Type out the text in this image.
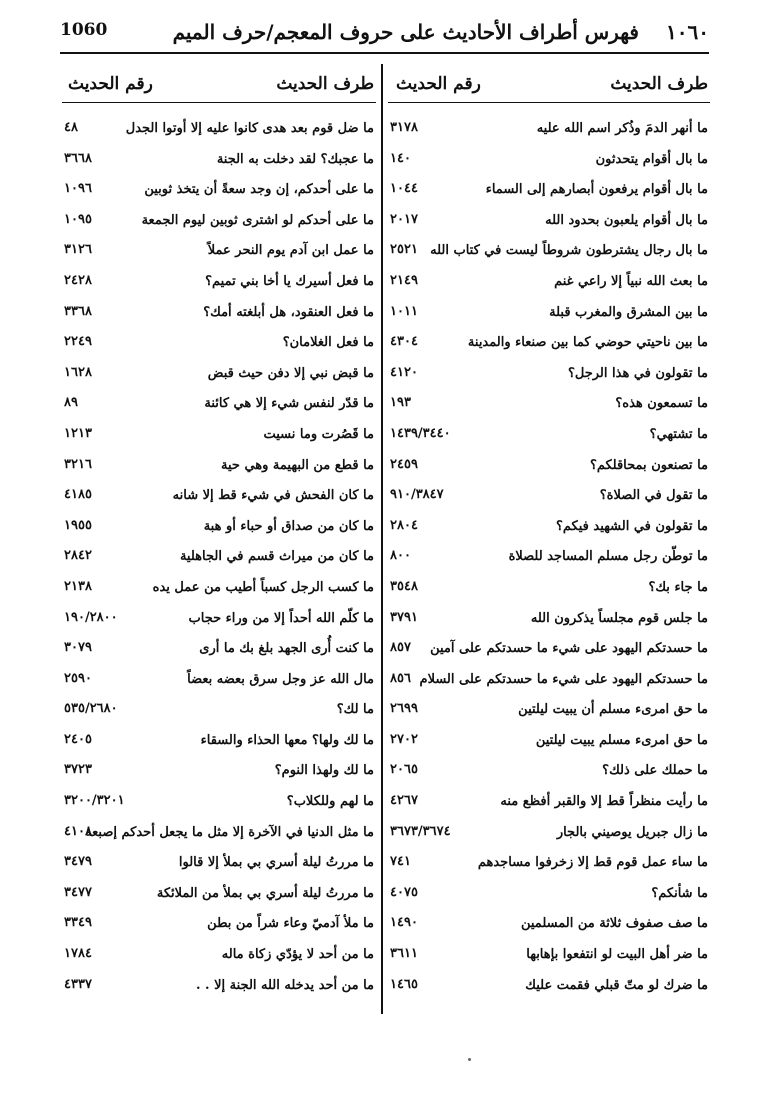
١٠٦٠
فهرس أطراف الأحاديث على حروف المعجم/حرف الميم
1060
طرف الحديث
رقم الحديث
ما أنهر الدمَ وذُكر اسم الله عليه
٣١٧٨
ما بال أقوام يتحدثون
١٤٠
ما بال أقوام يرفعون أبصارهم إلى السماء
١٠٤٤
ما بال أقوام يلعبون بحدود الله
٢٠١٧
ما بال رجال يشترطون شروطاً ليست في كتاب الله
٢٥٢١
ما بعث الله نبياً إلا راعي غنم
٢١٤٩
ما بين المشرق والمغرب قبلة
١٠١١
ما بين ناحيتي حوضي كما بين صنعاء والمدينة
٤٣٠٤
ما تقولون في هذا الرجل؟
٤١٢٠
ما تسمعون هذه؟
١٩٣
ما تشتهي؟
١٤٣٩/٣٤٤٠
ما تصنعون بمحاقلكم؟
٢٤٥٩
ما تقول في الصلاة؟
٩١٠/٣٨٤٧
ما تقولون في الشهيد فيكم؟
٢٨٠٤
ما توطّن رجل مسلم المساجد للصلاة
٨٠٠
ما جاء بك؟
٣٥٤٨
ما جلس قوم مجلساً يذكرون الله
٣٧٩١
ما حسدتكم اليهود على شيء ما حسدتكم على آمين
٨٥٧
ما حسدتكم اليهود على شيء ما حسدتكم على السلام
٨٥٦
ما حق امرىء مسلم أن يبيت ليلتين
٢٦٩٩
ما حق امرىء مسلم يبيت ليلتين
٢٧٠٢
ما حملك على ذلك؟
٢٠٦٥
ما رأيت منظراً قط إلا والقبر أفظع منه
٤٢٦٧
ما زال جبريل يوصيني بالجار
٣٦٧٣/٣٦٧٤
ما ساء عمل قوم قط إلا زخرفوا مساجدهم
٧٤١
ما شأنكم؟
٤٠٧٥
ما صف صفوف ثلاثة من المسلمين
١٤٩٠
ما ضر أهل البيت لو انتفعوا بإهابها
٣٦١١
ما ضرك لو متّ قبلي فقمت عليك
١٤٦٥
طرف الحديث
رقم الحديث
ما ضل قوم بعد هدى كانوا عليه إلا أوتوا الجدل
٤٨
ما عجبك؟ لقد دخلت به الجنة
٣٦٦٨
ما على أحدكم، إن وجد سعةً أن يتخذ ثوبين
١٠٩٦
ما على أحدكم لو اشترى ثوبين ليوم الجمعة
١٠٩٥
ما عمل ابن آدم يوم النحر عملاً
٣١٢٦
ما فعل أسيرك يا أخا بني تميم؟
٢٤٢٨
ما فعل العنقود، هل أبلغته أمك؟
٣٣٦٨
ما فعل الغلامان؟
٢٢٤٩
ما قبض نبي إلا دفن حيث قبض
١٦٢٨
ما قدّر لنفس شيء إلا هي كائنة
٨٩
ما قَصُرت وما نسيت
١٢١٣
ما قطع من البهيمة وهي حية
٣٢١٦
ما كان الفحش في شيء قط إلا شانه
٤١٨٥
ما كان من صداق أو حباء أو هبة
١٩٥٥
ما كان من ميراث قسم في الجاهلية
٢٨٤٢
ما كسب الرجل كسباً أطيب من عمل يده
٢١٣٨
ما كلّم الله أحداً إلا من وراء حجاب
١٩٠/٢٨٠٠
ما كنت أُرى الجهد بلغ بك ما أرى
٣٠٧٩
مال الله عز وجل سرق بعضه بعضاً
٢٥٩٠
ما لك؟
٥٣٥/٢٦٨٠
ما لك ولها؟ معها الحذاء والسقاء
٢٤٠٥
ما لك ولهذا النوم؟
٣٧٢٣
ما لهم وللكلاب؟
٣٢٠٠/٣٢٠١
ما مثل الدنيا في الآخرة إلا مثل ما يجعل أحدكم إصبعه
٤١٠٨
ما مررتُ ليلة أسري بي بملأ إلا قالوا
٣٤٧٩
ما مررتُ ليلة أسري بي بملأ من الملائكة
٣٤٧٧
ما ملأ آدميّ وعاء شراً من بطن
٣٣٤٩
ما من أحد لا يؤدّي زكاة ماله
١٧٨٤
ما من أحد يدخله الله الجنة إلا . .
٤٣٣٧
